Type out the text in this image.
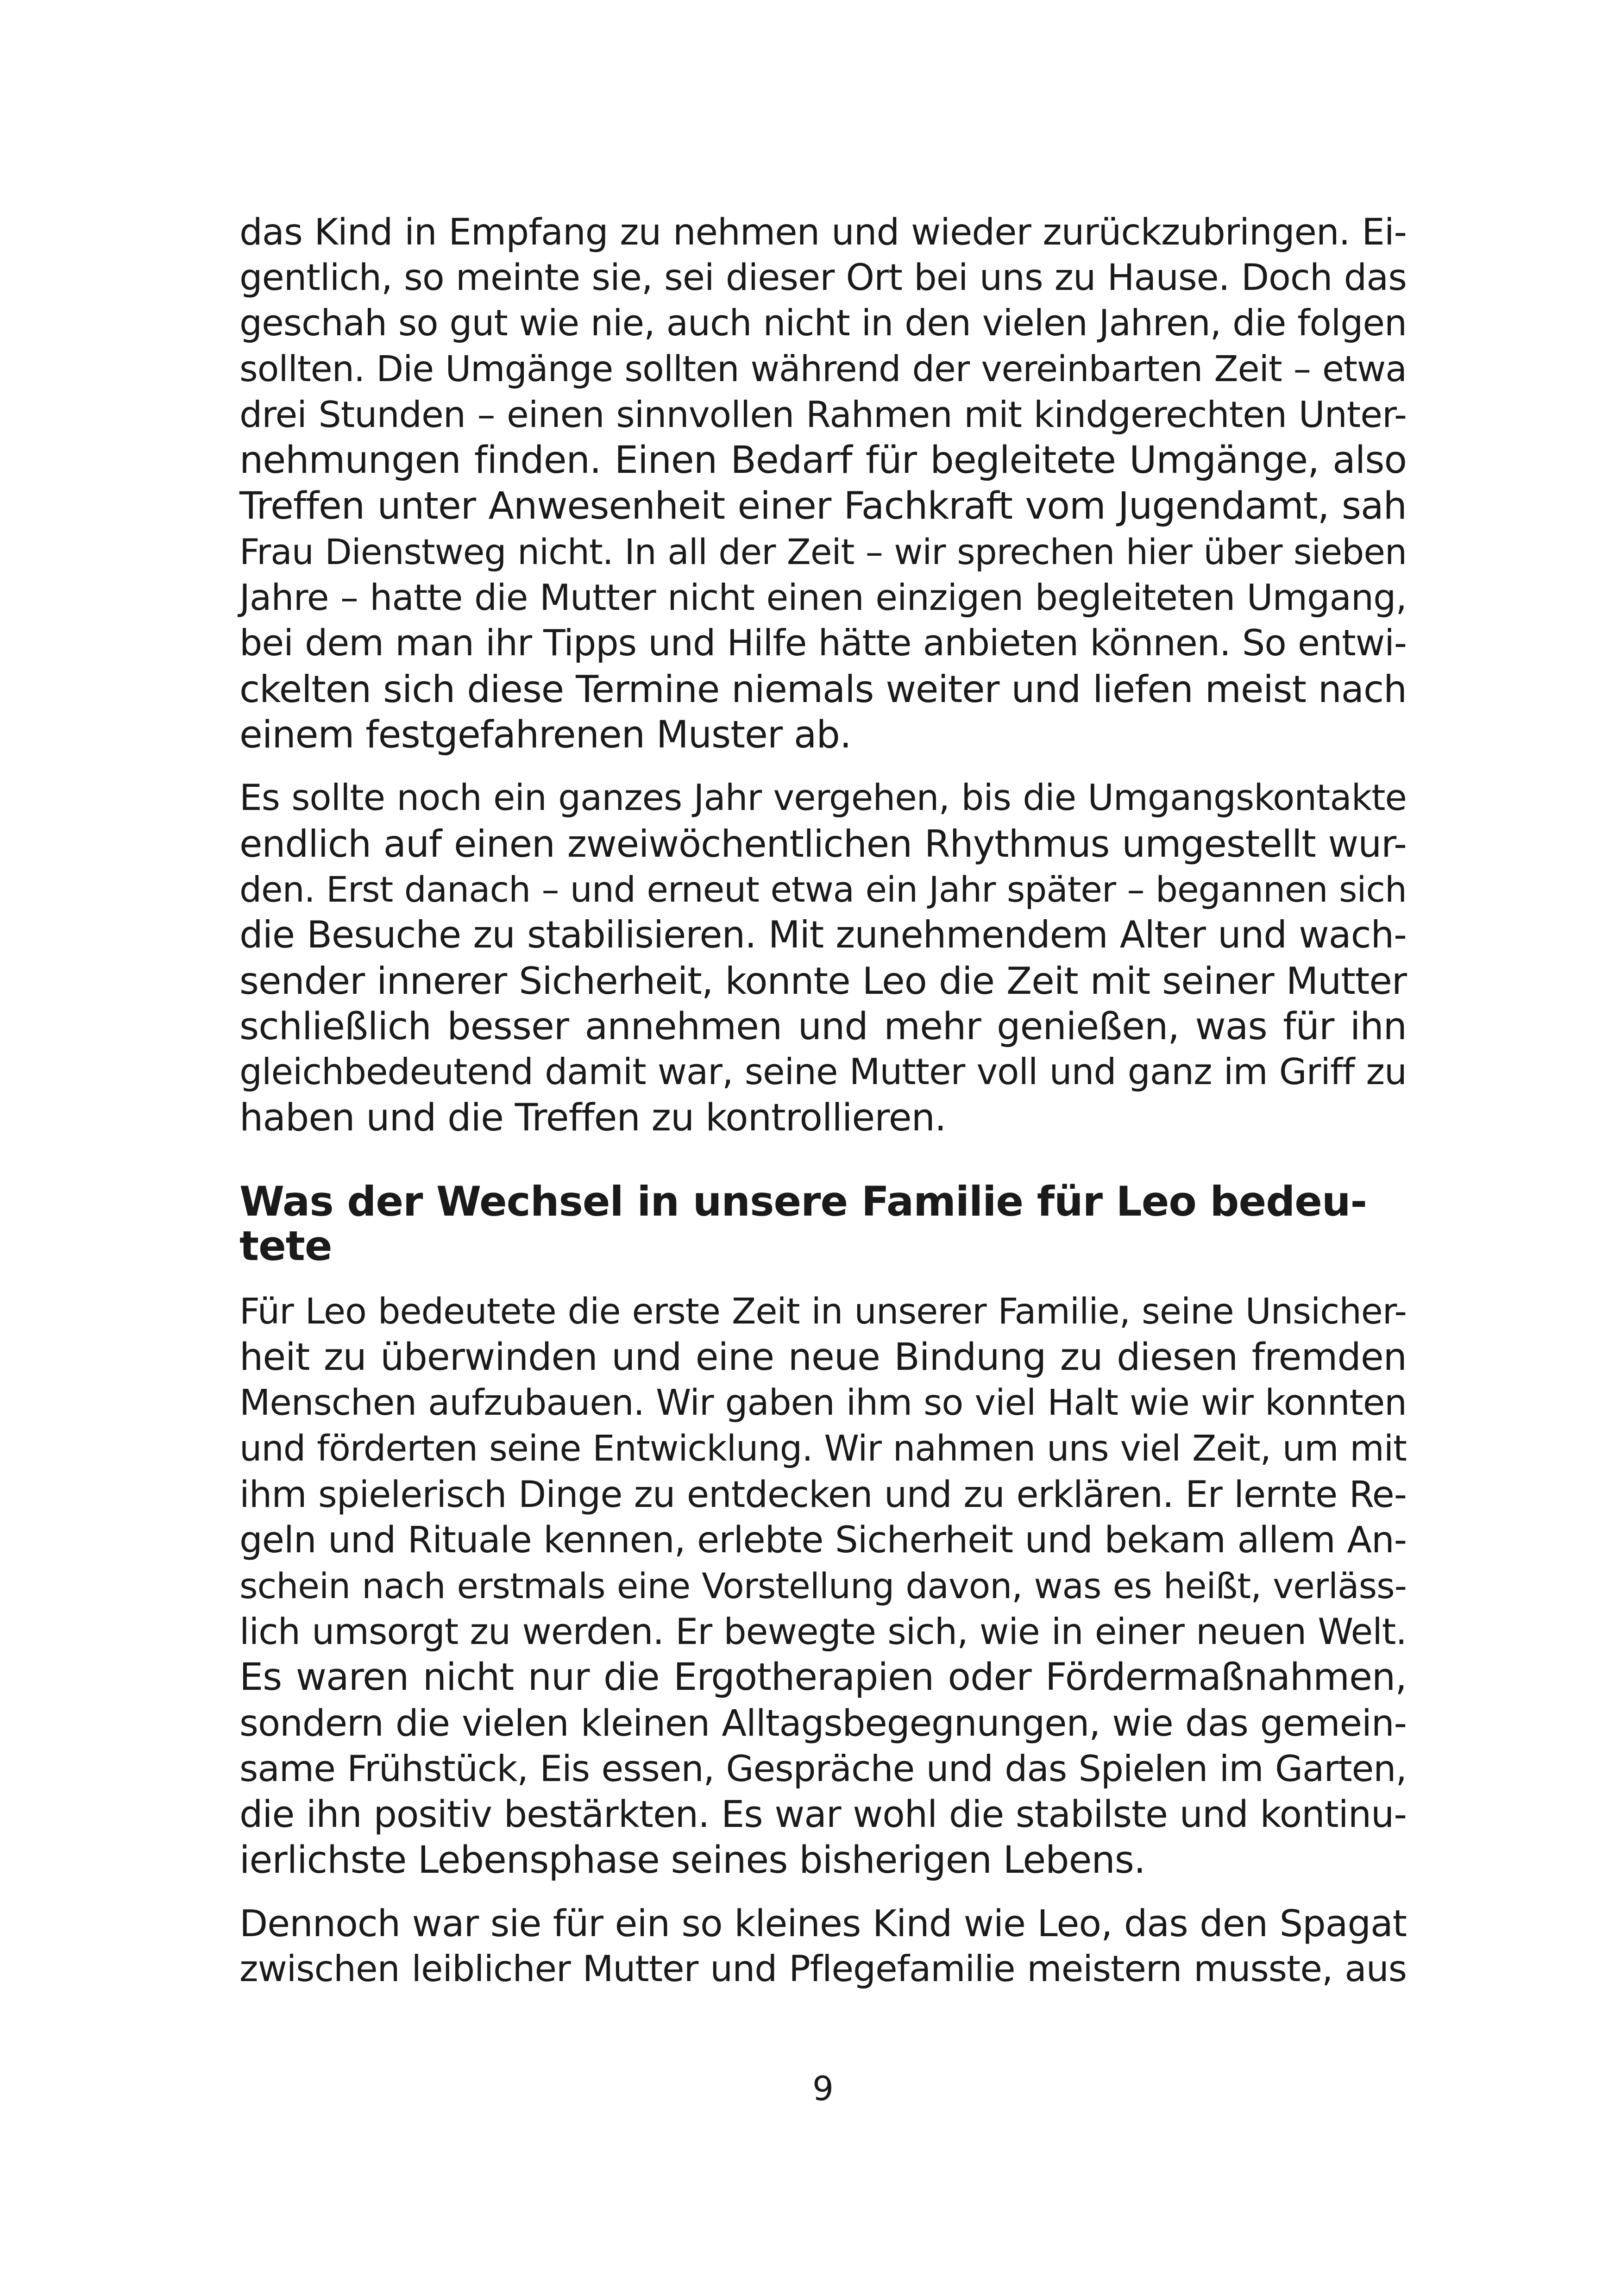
das Kind in Empfang zu nehmen und wieder zurückzubringen. Ei-
gentlich, so meinte sie, sei dieser Ort bei uns zu Hause. Doch das
geschah so gut wie nie, auch nicht in den vielen Jahren, die folgen
sollten. Die Umgänge sollten während der vereinbarten Zeit – etwa
drei Stunden – einen sinnvollen Rahmen mit kindgerechten Unter-
nehmungen finden. Einen Bedarf für begleitete Umgänge, also
Treffen unter Anwesenheit einer Fachkraft vom Jugendamt, sah
Frau Dienstweg nicht. In all der Zeit – wir sprechen hier über sieben
Jahre – hatte die Mutter nicht einen einzigen begleiteten Umgang,
bei dem man ihr Tipps und Hilfe hätte anbieten können. So entwi-
ckelten sich diese Termine niemals weiter und liefen meist nach
einem festgefahrenen Muster ab.
Es sollte noch ein ganzes Jahr vergehen, bis die Umgangskontakte
endlich auf einen zweiwöchentlichen Rhythmus umgestellt wur-
den. Erst danach – und erneut etwa ein Jahr später – begannen sich
die Besuche zu stabilisieren. Mit zunehmendem Alter und wach-
sender innerer Sicherheit, konnte Leo die Zeit mit seiner Mutter
schließlich besser annehmen und mehr genießen, was für ihn
gleichbedeutend damit war, seine Mutter voll und ganz im Griff zu
haben und die Treffen zu kontrollieren.
Was der Wechsel in unsere Familie für Leo bedeu-
tete
Für Leo bedeutete die erste Zeit in unserer Familie, seine Unsicher-
heit zu überwinden und eine neue Bindung zu diesen fremden
Menschen aufzubauen. Wir gaben ihm so viel Halt wie wir konnten
und förderten seine Entwicklung. Wir nahmen uns viel Zeit, um mit
ihm spielerisch Dinge zu entdecken und zu erklären. Er lernte Re-
geln und Rituale kennen, erlebte Sicherheit und bekam allem An-
schein nach erstmals eine Vorstellung davon, was es heißt, verläss-
lich umsorgt zu werden. Er bewegte sich, wie in einer neuen Welt.
Es waren nicht nur die Ergotherapien oder Fördermaßnahmen,
sondern die vielen kleinen Alltagsbegegnungen, wie das gemein-
same Frühstück, Eis essen, Gespräche und das Spielen im Garten,
die ihn positiv bestärkten. Es war wohl die stabilste und kontinu-
ierlichste Lebensphase seines bisherigen Lebens.
Dennoch war sie für ein so kleines Kind wie Leo, das den Spagat
zwischen leiblicher Mutter und Pflegefamilie meistern musste, aus
9
